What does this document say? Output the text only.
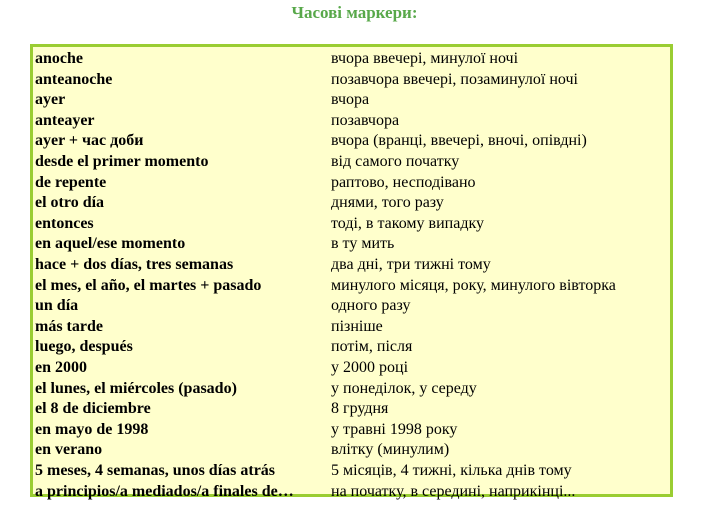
Часові маркери:
anoche	вчора ввечері, минулої ночі
anteanoche	позавчора ввечері, позаминулої ночі
ayer	вчора
anteayer	позавчора
ayer + час доби	вчора (вранці, ввечері, вночі, опівдні)
desde el primer momento	від самого початку
de repente	раптово, несподівано
el otro día	днями, того разу
entonces	тоді, в такому випадку
en aquel/ese momento	в ту мить
hace + dos días, tres semanas	два дні, три тижні тому
el mes, el año, el martes + pasado	минулого місяця, року, минулого вівторка
un día	одного разу
más tarde	пізніше
luego, después	потім, після
en 2000	у 2000 році
el lunes, el miércoles (pasado)	у понеділок, у середу
el 8 de diciembre	8 грудня
en mayo de 1998	у травні 1998 року
en verano	влітку (минулим)
5 meses, 4 semanas, unos días atrás	5 місяців, 4 тижні, кілька днів тому
a principios/a mediados/a finales de…	на початку, в середині, наприкінці...
